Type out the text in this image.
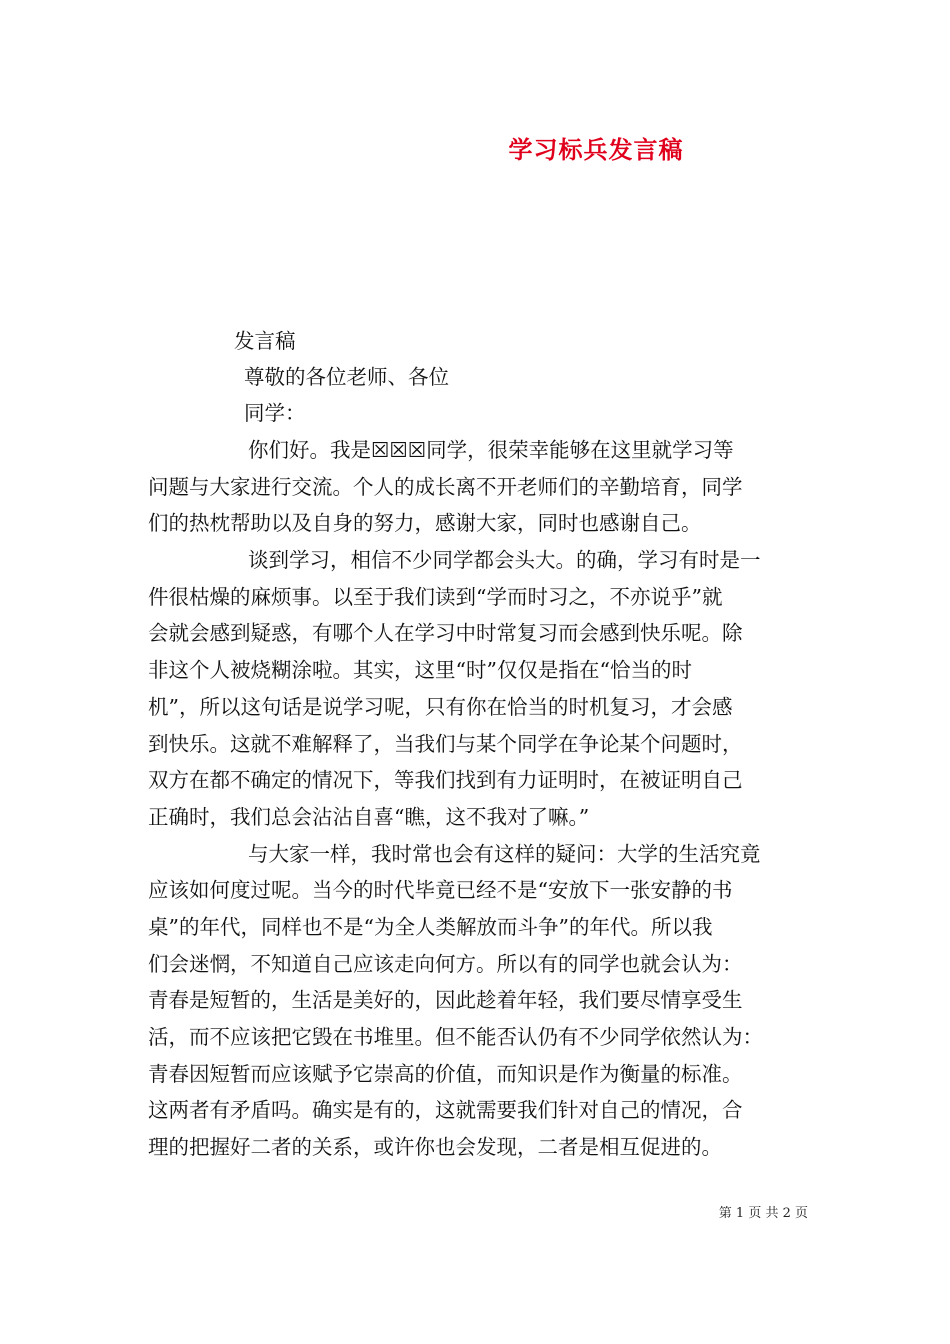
学习标兵发言稿
发言稿
尊敬的各位老师、各位
同学：
你们好。我是☒☒☒同学，很荣幸能够在这里就学习等
问题与大家进行交流。个人的成长离不开老师们的辛勤培育，同学
们的热枕帮助以及自身的努力，感谢大家，同时也感谢自己。
谈到学习，相信不少同学都会头大。的确，学习有时是一
件很枯燥的麻烦事。以至于我们读到“学而时习之，不亦说乎”就
会就会感到疑惑，有哪个人在学习中时常复习而会感到快乐呢。除
非这个人被烧糊涂啦。其实，这里“时”仅仅是指在“恰当的时
机”，所以这句话是说学习呢，只有你在恰当的时机复习，才会感
到快乐。这就不难解释了，当我们与某个同学在争论某个问题时，
双方在都不确定的情况下，等我们找到有力证明时，在被证明自己
正确时，我们总会沾沾自喜“瞧，这不我对了嘛。”
与大家一样，我时常也会有这样的疑问：大学的生活究竟
应该如何度过呢。当今的时代毕竟已经不是“安放下一张安静的书
桌”的年代，同样也不是“为全人类解放而斗争”的年代。所以我
们会迷惘，不知道自己应该走向何方。所以有的同学也就会认为：
青春是短暂的，生活是美好的，因此趁着年轻，我们要尽情享受生
活，而不应该把它毁在书堆里。但不能否认仍有不少同学依然认为：
青春因短暂而应该赋予它崇高的价值，而知识是作为衡量的标准。
这两者有矛盾吗。确实是有的，这就需要我们针对自己的情况，合
理的把握好二者的关系，或许你也会发现，二者是相互促进的。
第 1 页 共 2 页
